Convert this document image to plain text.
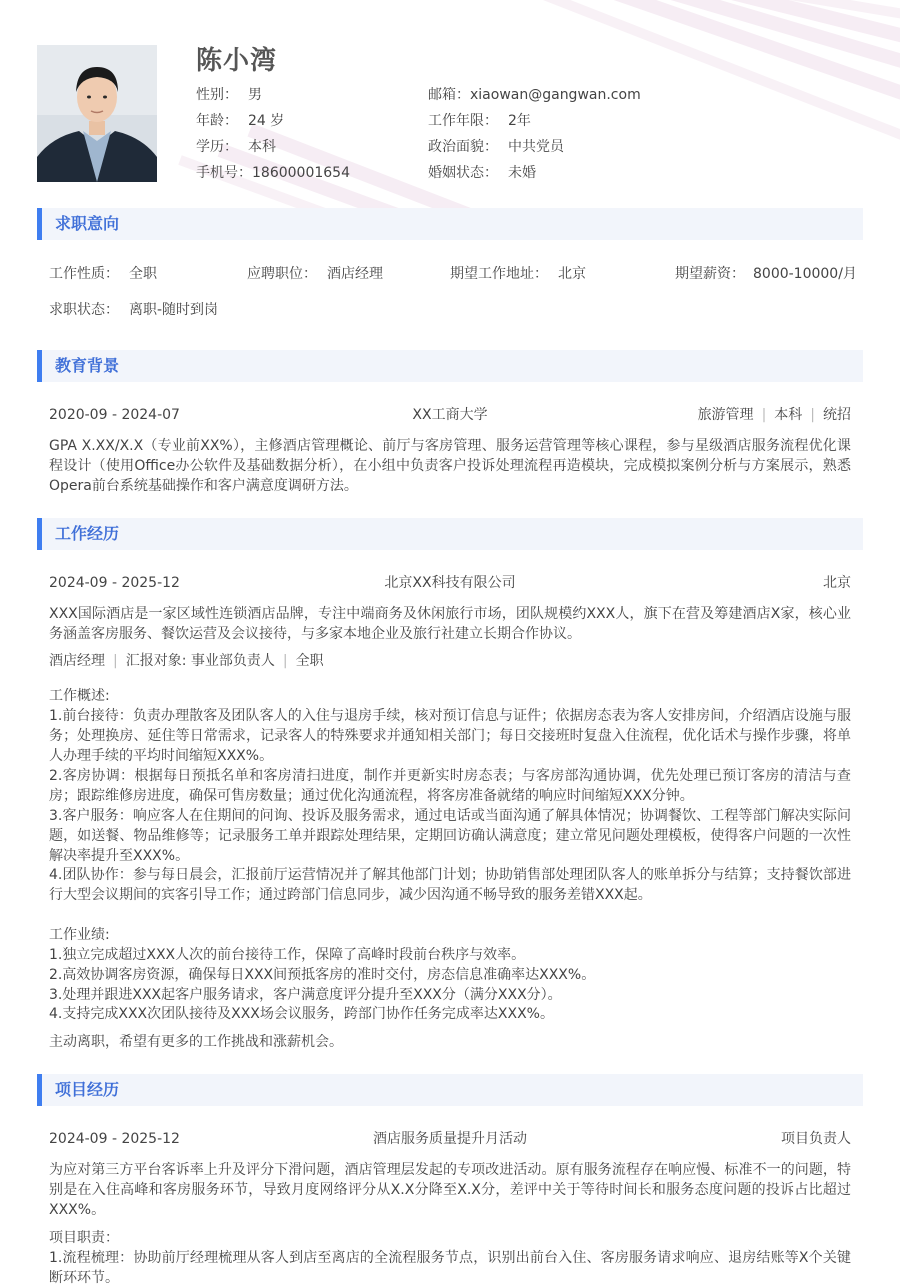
陈小湾
性别： 男
年龄： 24 岁
学历： 本科
手机号：18600001654
邮箱：xiaowan@gangwan.com
工作年限： 2年
政治面貌： 中共党员
婚姻状态： 未婚
求职意向
工作性质： 全职	应聘职位： 酒店经理	期望工作地址： 北京	期望薪资： 8000-10000/月
求职状态： 离职-随时到岗
教育背景
2020-09 - 2024-07	XX工商大学	旅游管理 | 本科 | 统招
GPA X.XX/X.X（专业前XX%），主修酒店管理概论、前厅与客房管理、服务运营管理等核心课程，参与星级酒店服务流程优化课程设计（使用Office办公软件及基础数据分析），在小组中负责客户投诉处理流程再造模块，完成模拟案例分析与方案展示，熟悉Opera前台系统基础操作和客户满意度调研方法。
工作经历
2024-09 - 2025-12	北京XX科技有限公司	北京
XXX国际酒店是一家区域性连锁酒店品牌，专注中端商务及休闲旅行市场，团队规模约XXX人，旗下在营及筹建酒店X家，核心业务涵盖客房服务、餐饮运营及会议接待，与多家本地企业及旅行社建立长期合作协议。
酒店经理 | 汇报对象: 事业部负责人 | 全职
工作概述:
1.前台接待：负责办理散客及团队客人的入住与退房手续，核对预订信息与证件；依据房态表为客人安排房间，介绍酒店设施与服务；处理换房、延住等日常需求，记录客人的特殊要求并通知相关部门；每日交接班时复盘入住流程，优化话术与操作步骤，将单人办理手续的平均时间缩短XXX%。
2.客房协调：根据每日预抵名单和客房清扫进度，制作并更新实时房态表；与客房部沟通协调，优先处理已预订客房的清洁与查房；跟踪维修房进度，确保可售房数量；通过优化沟通流程，将客房准备就绪的响应时间缩短XXX分钟。
3.客户服务：响应客人在住期间的问询、投诉及服务需求，通过电话或当面沟通了解具体情况；协调餐饮、工程等部门解决实际问题，如送餐、物品维修等；记录服务工单并跟踪处理结果，定期回访确认满意度；建立常见问题处理模板，使得客户问题的一次性解决率提升至XXX%。
4.团队协作：参与每日晨会，汇报前厅运营情况并了解其他部门计划；协助销售部处理团队客人的账单拆分与结算；支持餐饮部进行大型会议期间的宾客引导工作；通过跨部门信息同步，减少因沟通不畅导致的服务差错XXX起。
工作业绩:
1.独立完成超过XXX人次的前台接待工作，保障了高峰时段前台秩序与效率。
2.高效协调客房资源，确保每日XXX间预抵客房的准时交付，房态信息准确率达XXX%。
3.处理并跟进XXX起客户服务请求，客户满意度评分提升至XXX分（满分XXX分）。
4.支持完成XXX次团队接待及XXX场会议服务，跨部门协作任务完成率达XXX%。
主动离职，希望有更多的工作挑战和涨薪机会。
项目经历
2024-09 - 2025-12	酒店服务质量提升月活动	项目负责人
为应对第三方平台客诉率上升及评分下滑问题，酒店管理层发起的专项改进活动。原有服务流程存在响应慢、标准不一的问题，特别是在入住高峰和客房服务环节，导致月度网络评分从X.X分降至X.X分，差评中关于等待时间长和服务态度问题的投诉占比超过XXX%。
项目职责：
1.流程梳理：协助前厅经理梳理从客人到店至离店的全流程服务节点，识别出前台入住、客房服务请求响应、退房结账等X个关键断环环节。
